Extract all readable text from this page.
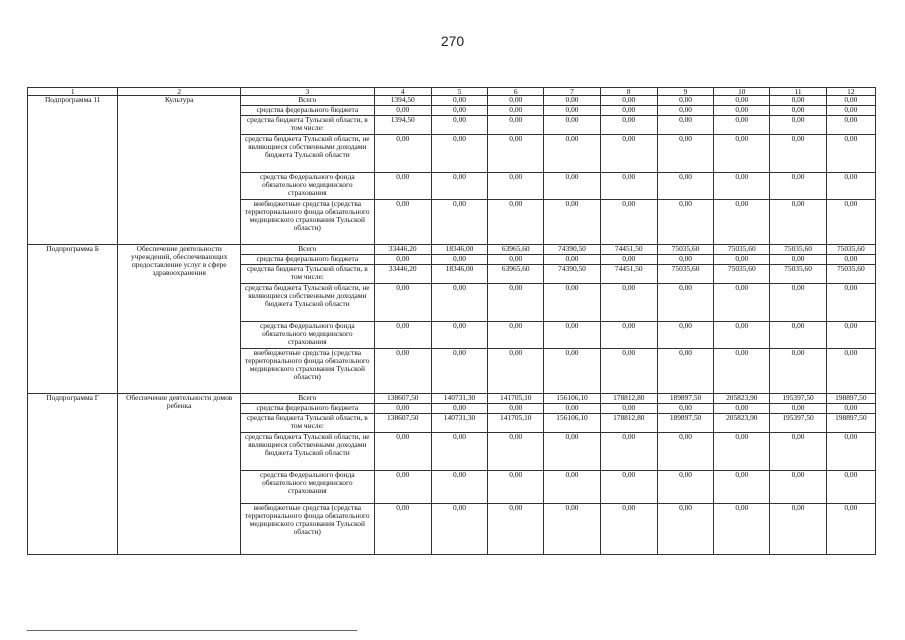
270
1	2	3	4	5	6	7	8	9	10	11	12
Подпрограмма 11	Культура	Всего	1394,50	0,00	0,00	0,00	0,00	0,00	0,00	0,00	0,00
		средства федерального бюджета	0,00	0,00	0,00	0,00	0,00	0,00	0,00	0,00	0,00
		средства бюджета Тульской области, в том числе:	1394,50	0,00	0,00	0,00	0,00	0,00	0,00	0,00	0,00
		средства бюджета Тульской области, не являющиеся собственными доходами бюджета Тульской области	0,00	0,00	0,00	0,00	0,00	0,00	0,00	0,00	0,00
		средства Федерального фонда обязательного медицинского страхования	0,00	0,00	0,00	0,00	0,00	0,00	0,00	0,00	0,00
		внебюджетные средства (средства территориального фонда обязательного медицинского страхования Тульской области)	0,00	0,00	0,00	0,00	0,00	0,00	0,00	0,00	0,00
Подпрограмма Б	Обеспечение деятельности учреждений, обеспечивающих предоставление услуг в сфере здравоохранения	Всего	33446,20	18346,00	63965,60	74390,50	74451,50	75035,60	75035,60	75035,60	75035,60
		средства федерального бюджета	0,00	0,00	0,00	0,00	0,00	0,00	0,00	0,00	0,00
		средства бюджета Тульской области, в том числе:	33446,20	18346,00	63965,60	74390,50	74451,50	75035,60	75035,60	75035,60	75035,60
		средства бюджета Тульской области, не являющиеся собственными доходами бюджета Тульской области	0,00	0,00	0,00	0,00	0,00	0,00	0,00	0,00	0,00
		средства Федерального фонда обязательного медицинского страхования	0,00	0,00	0,00	0,00	0,00	0,00	0,00	0,00	0,00
		внебюджетные средства (средства территориального фонда обязательного медицинского страхования Тульской области)	0,00	0,00	0,00	0,00	0,00	0,00	0,00	0,00	0,00
Подпрограмма Г	Обеспечение деятельности домов ребенка	Всего	138607,50	140731,30	141705,10	156106,10	178812,80	189897,50	205823,90	195397,50	198897,50
		средства федерального бюджета	0,00	0,00	0,00	0,00	0,00	0,00	0,00	0,00	0,00
		средства бюджета Тульской области, в том числе:	138607,50	140731,30	141705,10	156106,10	178812,80	189897,50	205823,90	195397,50	198897,50
		средства бюджета Тульской области, не являющиеся собственными доходами бюджета Тульской области	0,00	0,00	0,00	0,00	0,00	0,00	0,00	0,00	0,00
		средства Федерального фонда обязательного медицинского страхования	0,00	0,00	0,00	0,00	0,00	0,00	0,00	0,00	0,00
		внебюджетные средства (средства территориального фонда обязательного медицинского страхования Тульской области)	0,00	0,00	0,00	0,00	0,00	0,00	0,00	0,00	0,00
